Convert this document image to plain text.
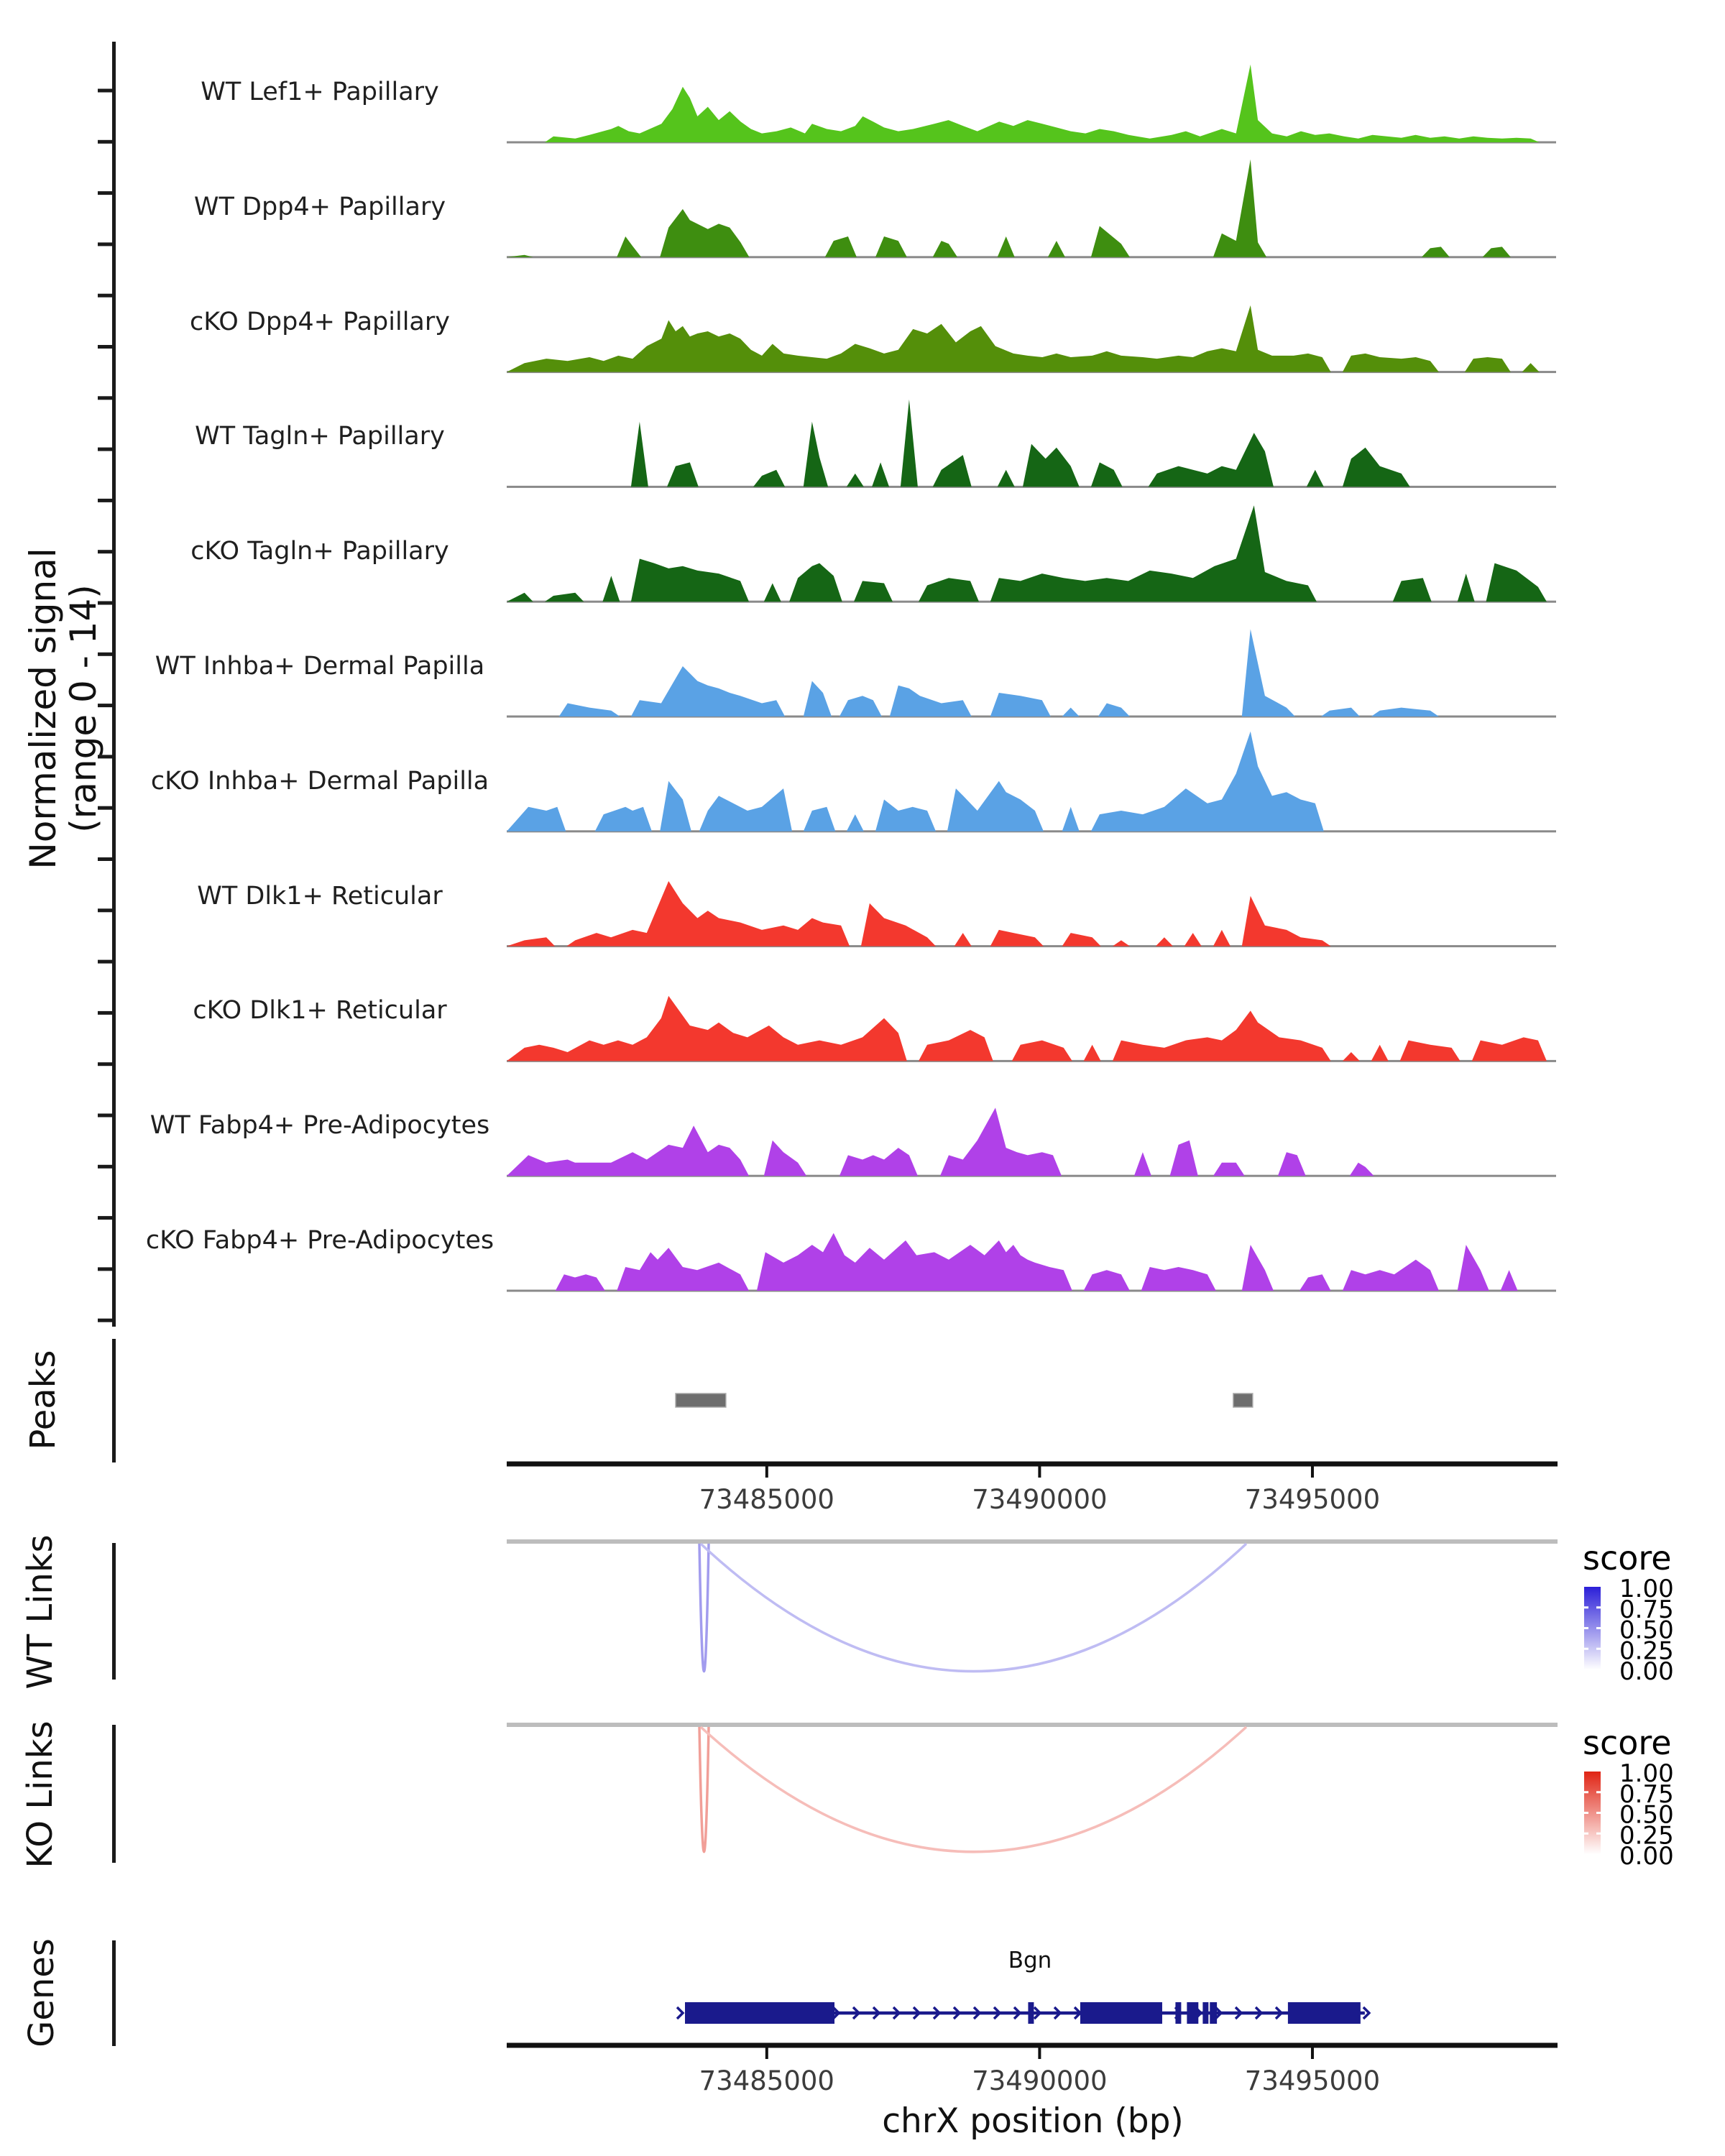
73485000	73490000	73495000
73485000	73490000	73495000
1.00
0.75
0.50
0.25
0.00
1.00
0.75
0.50
0.25
0.00
Normalized signal
(range 0 - 14)
Peaks
WT Links
KO Links
Genes
score
score
Bgn
chrX position (bp)
WT Lef1+ Papillary
WT Dpp4+ Papillary
cKO Dpp4+ Papillary
WT Tagln+ Papillary
cKO Tagln+ Papillary
WT Inhba+ Dermal Papilla
cKO Inhba+ Dermal Papilla
WT Dlk1+ Reticular
cKO Dlk1+ Reticular
WT Fabp4+ Pre-Adipocytes
cKO Fabp4+ Pre-Adipocytes
